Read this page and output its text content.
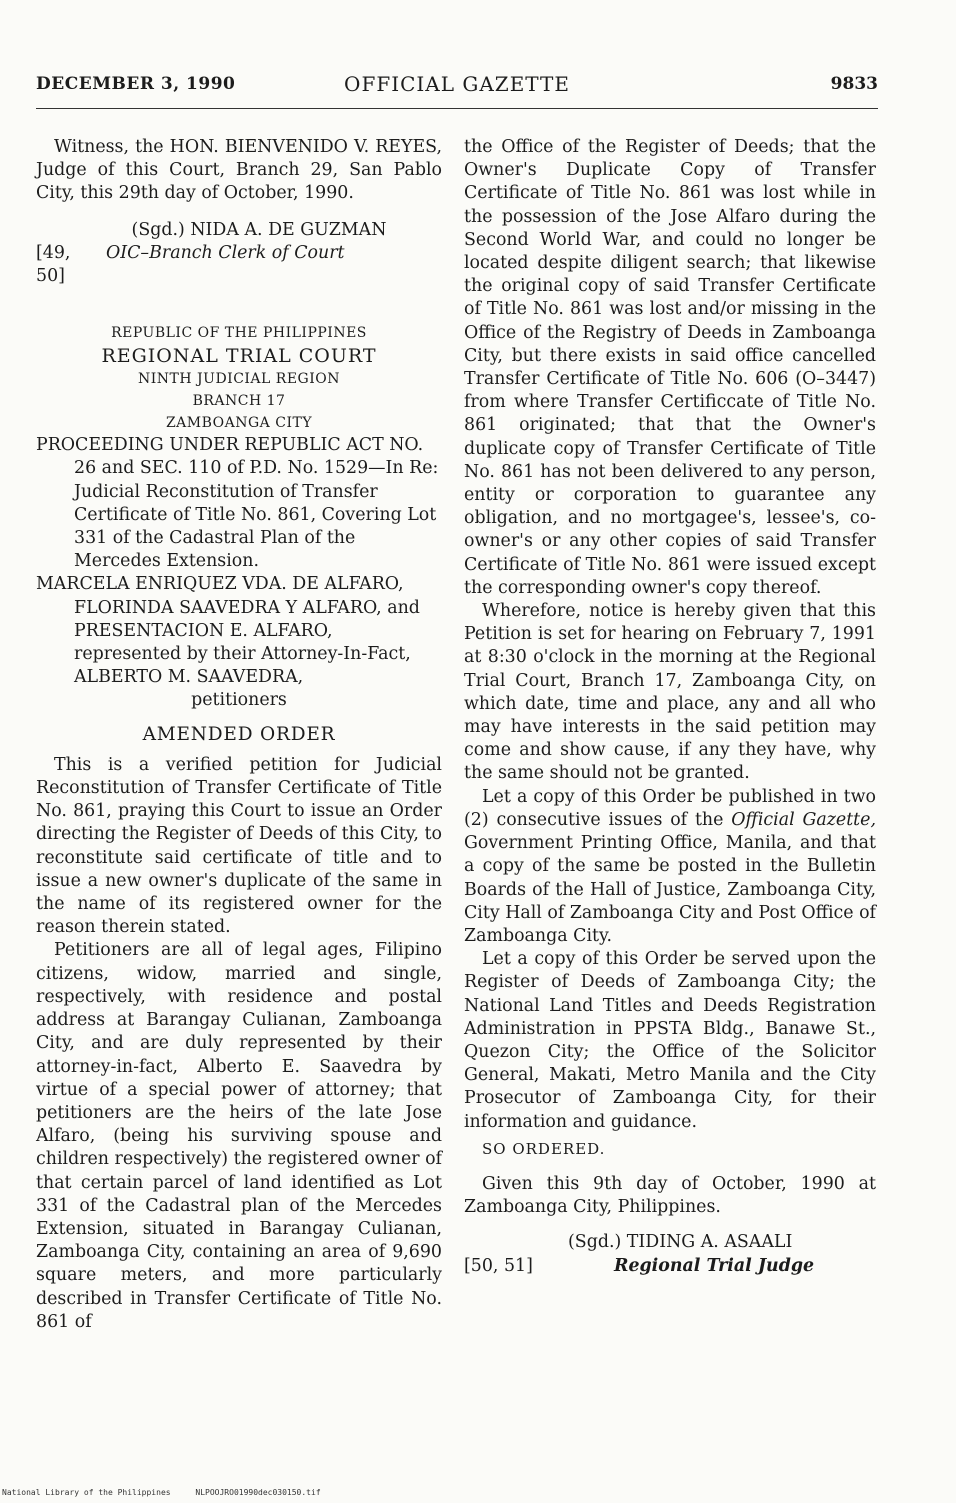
DECEMBER 3, 1990	OFFICIAL GAZETTE	9833

Witness, the HON. BIENVENIDO V. REYES, Judge of this Court, Branch 29, San Pablo City, this 29th day of October, 1990.

(Sgd.) NIDA A. DE GUZMAN
[49, 50]
OIC–Branch Clerk of Court
REPUBLIC OF THE PHILIPPINES
REGIONAL TRIAL COURT
NINTH JUDICIAL REGION
BRANCH 17
ZAMBOANGA CITY

PROCEEDING UNDER REPUBLIC ACT NO. 26 and SEC. 110 of P.D. No. 1529—In Re: Judicial Reconstitution of Transfer Certificate of Title No. 861, Covering Lot 331 of the Cadastral Plan of the Mercedes Extension.

MARCELA ENRIQUEZ VDA. DE ALFARO, FLORINDA SAAVEDRA Y ALFARO, and PRESENTACION E. ALFARO, represented by their Attorney-In-Fact, ALBERTO M. SAAVEDRA,

petitioners

AMENDED ORDER

This is a verified petition for Judicial Reconstitution of Transfer Certificate of Title No. 861, praying this Court to issue an Order directing the Register of Deeds of this City, to reconstitute said certificate of title and to issue a new owner's duplicate of the same in the name of its registered owner for the reason therein stated.

Petitioners are all of legal ages, Filipino citizens, widow, married and single, respectively, with residence and postal address at Barangay Culianan, Zamboanga City, and are duly represented by their attorney-in-fact, Alberto E. Saavedra by virtue of a special power of attorney; that petitioners are the heirs of the late Jose Alfaro, (being his surviving spouse and children respectively) the registered owner of that certain parcel of land identified as Lot 331 of the Cadastral plan of the Mercedes Extension, situated in Barangay Culianan, Zamboanga City, containing an area of 9,690 square meters, and more particularly described in Transfer Certificate of Title No. 861 of

the Office of the Register of Deeds; that the Owner's Duplicate Copy of Transfer Certificate of Title No. 861 was lost while in the possession of the Jose Alfaro during the Second World War, and could no longer be located despite diligent search; that likewise the original copy of said Transfer Certificate of Title No. 861 was lost and/or missing in the Office of the Registry of Deeds in Zamboanga City, but there exists in said office cancelled Transfer Certificate of Title No. 606 (O–3447) from where Transfer Certificcate of Title No. 861 originated; that that the Owner's duplicate copy of Transfer Certificate of Title No. 861 has not been delivered to any person, entity or corporation to guarantee any obligation, and no mortgagee's, lessee's, co-owner's or any other copies of said Transfer Certificate of Title No. 861 were issued except the corresponding owner's copy thereof.

Wherefore, notice is hereby given that this Petition is set for hearing on February 7, 1991 at 8:30 o'clock in the morning at the Regional Trial Court, Branch 17, Zamboanga City, on which date, time and place, any and all who may have interests in the said petition may come and show cause, if any they have, why the same should not be granted.

Let a copy of this Order be published in two (2) consecutive issues of the Official Gazette, Government Printing Office, Manila, and that a copy of the same be posted in the Bulletin Boards of the Hall of Justice, Zamboanga City, City Hall of Zamboanga City and Post Office of Zamboanga City.

Let a copy of this Order be served upon the Register of Deeds of Zamboanga City; the National Land Titles and Deeds Registration Administration in PPSTA Bldg., Banawe St., Quezon City; the Office of the Solicitor General, Makati, Metro Manila and the City Prosecutor of Zamboanga City, for their information and guidance.

SO ORDERED.

Given this 9th day of October, 1990 at Zamboanga City, Philippines.

(Sgd.) TIDING A. ASAALI
[50, 51]	Regional Trial Judge
National Library of the Philippines	NLPOOJRO01990dec030150.tif
